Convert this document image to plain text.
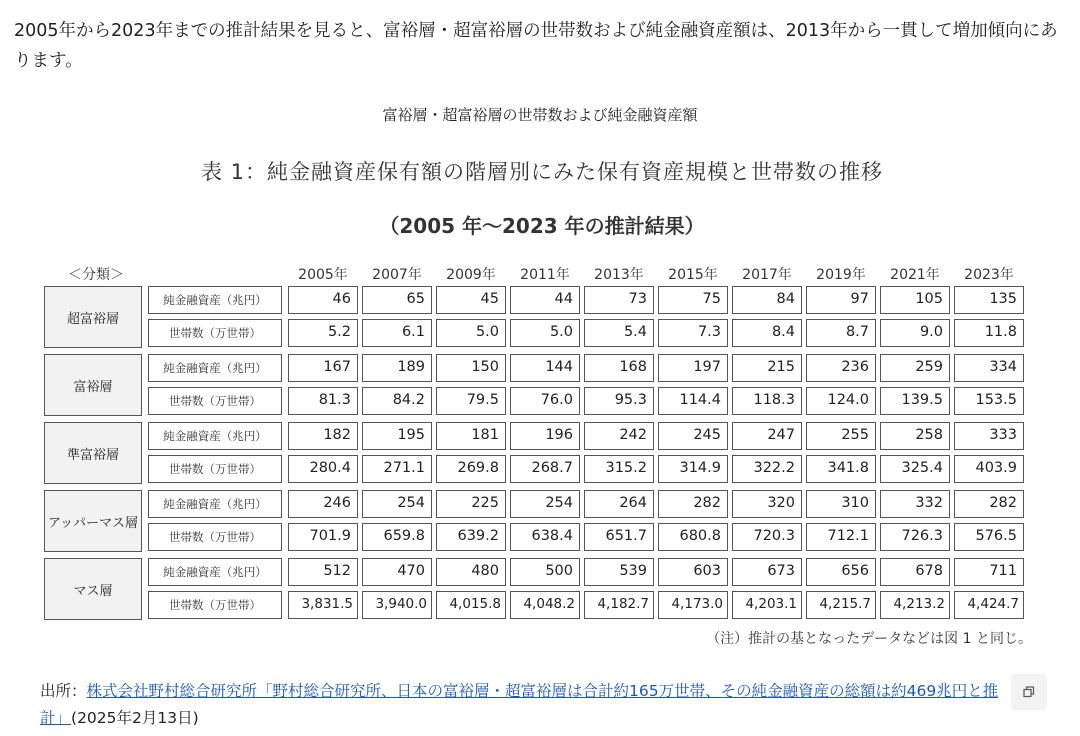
2005年から2023年までの推計結果を見ると、富裕層・超富裕層の世帯数および純金融資産額は、2013年から一貫して増加傾向にあります。
富裕層・超富裕層の世帯数および純金融資産額
表 1：純金融資産保有額の階層別にみた保有資産規模と世帯数の推移
（2005 年〜2023 年の推計結果）
＜分類＞
（注）推計の基となったデータなどは図 1 と同じ。
2005年	2007年	2009年	2011年	2013年	2015年	2017年	2019年	2021年	2023年
超富裕層
純金融資産（兆円）	46	65	45	44	73	75	84	97	105	135
世帯数（万世帯）	5.2	6.1	5.0	5.0	5.4	7.3	8.4	8.7	9.0	11.8
富裕層
純金融資産（兆円）	167	189	150	144	168	197	215	236	259	334
世帯数（万世帯）	81.3	84.2	79.5	76.0	95.3	114.4	118.3	124.0	139.5	153.5
準富裕層
純金融資産（兆円）	182	195	181	196	242	245	247	255	258	333
世帯数（万世帯）	280.4	271.1	269.8	268.7	315.2	314.9	322.2	341.8	325.4	403.9
アッパーマス層
純金融資産（兆円）	246	254	225	254	264	282	320	310	332	282
世帯数（万世帯）	701.9	659.8	639.2	638.4	651.7	680.8	720.3	712.1	726.3	576.5
マス層
純金融資産（兆円）	512	470	480	500	539	603	673	656	678	711
世帯数（万世帯）	3,831.5	3,940.0	4,015.8	4,048.2	4,182.7	4,173.0	4,203.1	4,215.7	4,213.2	4,424.7
出所：株式会社野村総合研究所「野村総合研究所、日本の富裕層・超富裕層は合計約165万世帯、その純金融資産の総額は約469兆円と推計」(2025年2月13日)
